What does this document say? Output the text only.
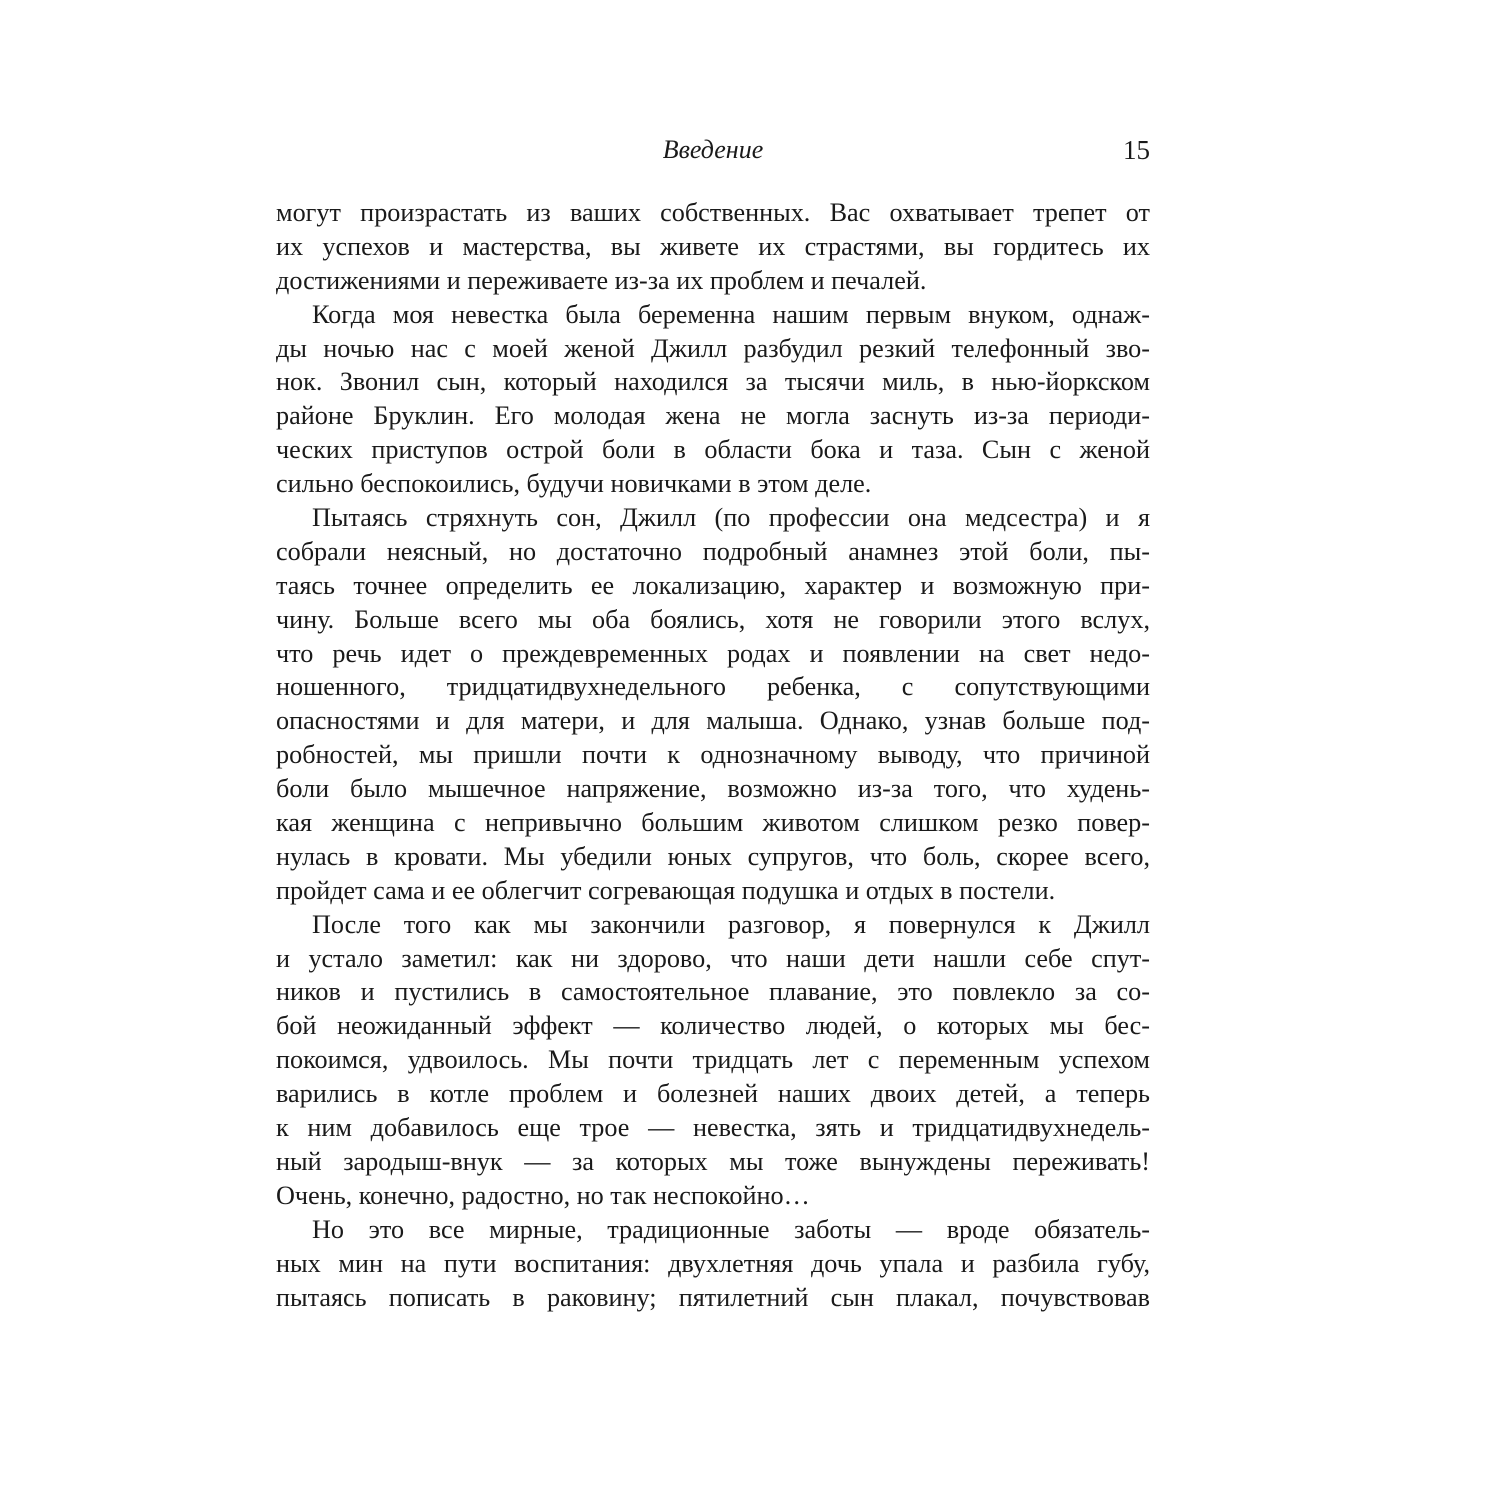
Введение	15
могут произрастать из ваших собственных. Вас охватывает трепет от
их успехов и мастерства, вы живете их страстями, вы гордитесь их
достижениями и переживаете из-за их проблем и печалей.
Когда моя невестка была беременна нашим первым внуком, однаж-
ды ночью нас с моей женой Джилл разбудил резкий телефонный зво-
нок. Звонил сын, который находился за тысячи миль, в нью-йоркском
районе Бруклин. Его молодая жена не могла заснуть из-за периоди-
ческих приступов острой боли в области бока и таза. Сын с женой
сильно беспокоились, будучи новичками в этом деле.
Пытаясь стряхнуть сон, Джилл (по профессии она медсестра) и я
собрали неясный, но достаточно подробный анамнез этой боли, пы-
таясь точнее определить ее локализацию, характер и возможную при-
чину. Больше всего мы оба боялись, хотя не говорили этого вслух,
что речь идет о преждевременных родах и появлении на свет недо-
ношенного, тридцатидвухнедельного ребенка, с сопутствующими
опасностями и для матери, и для малыша. Однако, узнав больше под-
робностей, мы пришли почти к однозначному выводу, что причиной
боли было мышечное напряжение, возможно из-за того, что худень-
кая женщина с непривычно большим животом слишком резко повер-
нулась в кровати. Мы убедили юных супругов, что боль, скорее всего,
пройдет сама и ее облегчит согревающая подушка и отдых в постели.
После того как мы закончили разговор, я повернулся к Джилл
и устало заметил: как ни здорово, что наши дети нашли себе спут-
ников и пустились в самостоятельное плавание, это повлекло за со-
бой неожиданный эффект — количество людей, о которых мы бес-
покоимся, удвоилось. Мы почти тридцать лет с переменным успехом
варились в котле проблем и болезней наших двоих детей, а теперь
к ним добавилось еще трое — невестка, зять и тридцатидвухнедель-
ный зародыш-внук — за которых мы тоже вынуждены переживать!
Очень, конечно, радостно, но так неспокойно…
Но это все мирные, традиционные заботы — вроде обязатель-
ных мин на пути воспитания: двухлетняя дочь упала и разбила губу,
пытаясь пописать в раковину; пятилетний сын плакал, почувствовав
